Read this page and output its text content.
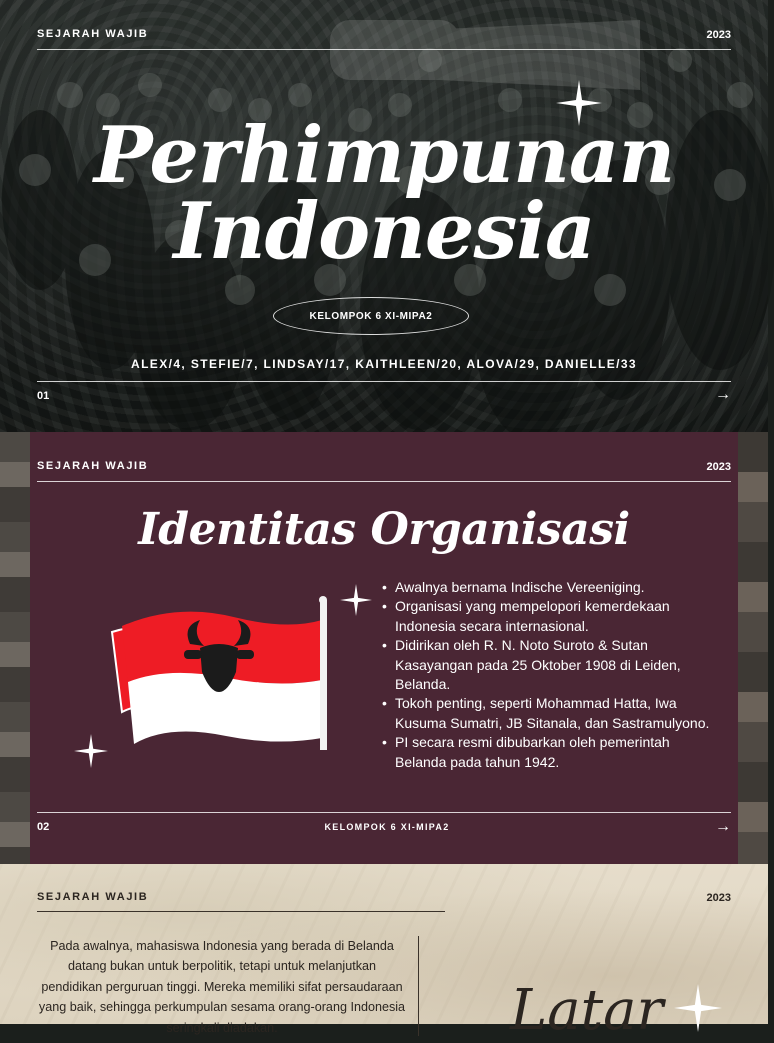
SEJARAH WAJIB	2023
Perhimpunan
Indonesia
KELOMPOK 6 XI-MIPA2
ALEX/4, STEFIE/7, LINDSAY/17, KAITHLEEN/20, ALOVA/29, DANIELLE/33
01	→
SEJARAH WAJIB	2023
Identitas Organisasi
• Awalnya bernama Indische Vereeniging.
• Organisasi yang mempelopori kemerdekaan Indonesia secara internasional.
• Didirikan oleh R. N. Noto Suroto & Sutan Kasayangan pada 25 Oktober 1908 di Leiden, Belanda.
• Tokoh penting, seperti Mohammad Hatta, Iwa Kusuma Sumatri, JB Sitanala, dan Sastramulyono.
• PI secara resmi dibubarkan oleh pemerintah Belanda pada tahun 1942.
02	KELOMPOK 6 XI-MIPA2	→
SEJARAH WAJIB	2023

Pada awalnya, mahasiswa Indonesia yang berada di Belanda datang bukan untuk berpolitik, tetapi untuk melanjutkan pendidikan perguruan tinggi. Mereka memiliki sifat persaudaraan yang baik, sehingga perkumpulan sesama orang-orang Indonesia seringkali diadakan.	Latar
